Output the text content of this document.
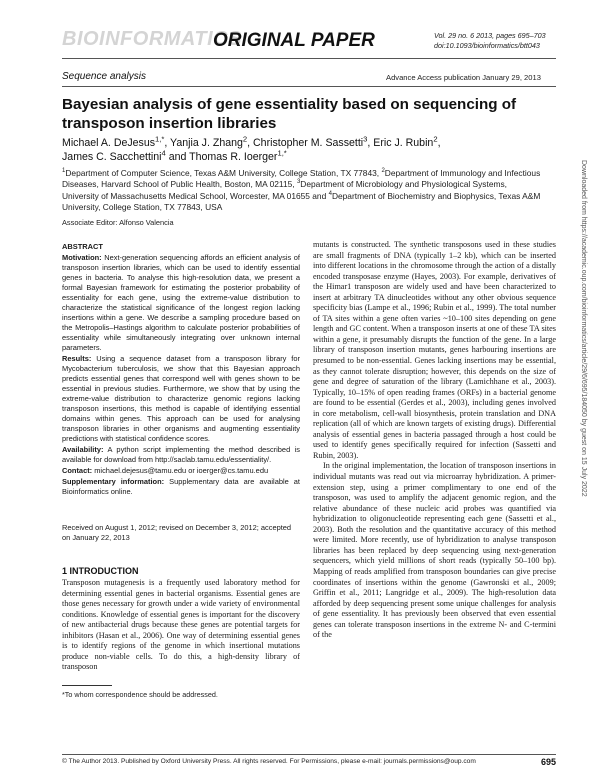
BIOINFORMATICS
ORIGINAL PAPER	Vol. 29 no. 6 2013, pages 695–703
doi:10.1093/bioinformatics/btt043
Sequence analysis	Advance Access publication January 29, 2013
Bayesian analysis of gene essentiality based on sequencing of transposon insertion libraries
Michael A. DeJesus$^{1,*}$, Yanjia J. Zhang$^2$, Christopher M. Sassetti$^3$, Eric J. Rubin$^2$,
James C. Sacchettini$^4$ and Thomas R. Ioerger$^{1,*}$
$^1$Department of Computer Science, Texas A&M University, College Station, TX 77843, $^2$Department of Immunology and Infectious Diseases, Harvard School of Public Health, Boston, MA 02115, $^3$Department of Microbiology and Physiological Systems, University of Massachusetts Medical School, Worcester, MA 01655 and $^4$Department of Biochemistry and Biophysics, Texas A&M University, College Station, TX 77843, USA
Associate Editor: Alfonso Valencia

ABSTRACT

Motivation: Next-generation sequencing affords an efficient analysis of transposon insertion libraries, which can be used to identify essential genes in bacteria. To analyse this high-resolution data, we present a formal Bayesian framework for estimating the posterior probability of essentiality for each gene, using the extreme-value distribution to characterize the statistical significance of the longest region lacking insertions within a gene. We describe a sampling procedure based on the Metropolis–Hastings algorithm to calculate posterior probabilities of essentiality while simultaneously integrating over unknown internal parameters.

Results: Using a sequence dataset from a transposon library for Mycobacterium tuberculosis, we show that this Bayesian approach predicts essential genes that correspond well with genes shown to be essential in previous studies. Furthermore, we show that by using the extreme-value distribution to characterize genomic regions lacking transposon insertions, this method is capable of identifying essential domains within genes. This approach can be used for analysing transposon libraries in other organisms and augmenting essentiality predictions with statistical confidence scores.

Availability: A python script implementing the method described is available for download from http://saclab.tamu.edu/essentiality/.

Contact: michael.dejesus@tamu.edu or ioerger@cs.tamu.edu

Supplementary information: Supplementary data are available at Bioinformatics online.

Received on August 1, 2012; revised on December 3, 2012; accepted on January 22, 2013
1 INTRODUCTION
Transposon mutagenesis is a frequently used laboratory method for determining essential genes in bacterial organisms. Essential genes are those genes necessary for growth under a wide variety of environmental conditions. Knowledge of essential genes is important for the discovery of new antibacterial drugs because these genes are potential targets for inhibitors (Hasan et al., 2006). One way of determining essential genes is to identify regions of the genome in which insertional mutations produce non-viable cells. To do this, a high-density library of transposon
*To whom correspondence should be addressed.

mutants is constructed. The synthetic transposons used in these studies are small fragments of DNA (typically 1–2 kb), which can be inserted into different locations in the chromosome through the action of a distally encoded transposase enzyme (Hayes, 2003). For example, derivatives of the Himar1 transposon are widely used and have been characterized to insert at arbitrary TA dinucleotides without any other obvious sequence specificity bias (Lampe et al., 1996; Rubin et al., 1999). The total number of TA sites within a gene often varies ~10–100 sites depending on gene length and GC content. When a transposon inserts at one of these TA sites within a gene, it presumably disrupts the function of the gene. In a large library of transposon insertion mutants, genes harbouring insertions are presumed to be non-essential. Genes lacking insertions may be essential, as they cannot tolerate disruption; however, this depends on the size of gene and degree of saturation of the library (Lamichhane et al., 2003). Typically, 10–15% of open reading frames (ORFs) in a bacterial genome are found to be essential (Gerdes et al., 2003), including genes involved in core metabolism, cell-wall biosynthesis, protein translation and DNA replication (all of which are known targets of existing drugs). Differential analysis of essential genes in bacteria passaged through a host could be used to identify genes specifically required for infection (Sassetti and Rubin, 2003).

In the original implementation, the location of transposon insertions in individual mutants was read out via microarray hybridization. A primer-extension step, using a primer complimentary to one end of the transposon, was used to amplify the adjacent genomic region, and the relative abundance of these nucleic acid probes was quantified via hybridization to oligonucleotide representing each gene (Sassetti et al., 2003). Both the resolution and the quantitative accuracy of this method were limited. More recently, use of hybridization to analyse transposon libraries has been replaced by deep sequencing using next-generation sequencers, which yield millions of short reads (typically 50–100 bp). Mapping of reads amplified from transposon boundaries can give precise coordinates of insertions within the genome (Gawronski et al., 2009; Griffin et al., 2011; Langridge et al., 2009). The high-resolution data afforded by deep sequencing present some unique challenges for analysis of gene essentiality. It has previously been observed that even essential genes can tolerate transposon insertions in the extreme N- and C-termini of the

© The Author 2013. Published by Oxford University Press. All rights reserved. For Permissions, please e-mail: journals.permissions@oup.com	695
Downloaded from https://academic.oup.com/bioinformatics/article/29/6/695/184050 by guest on 15 July 2022
